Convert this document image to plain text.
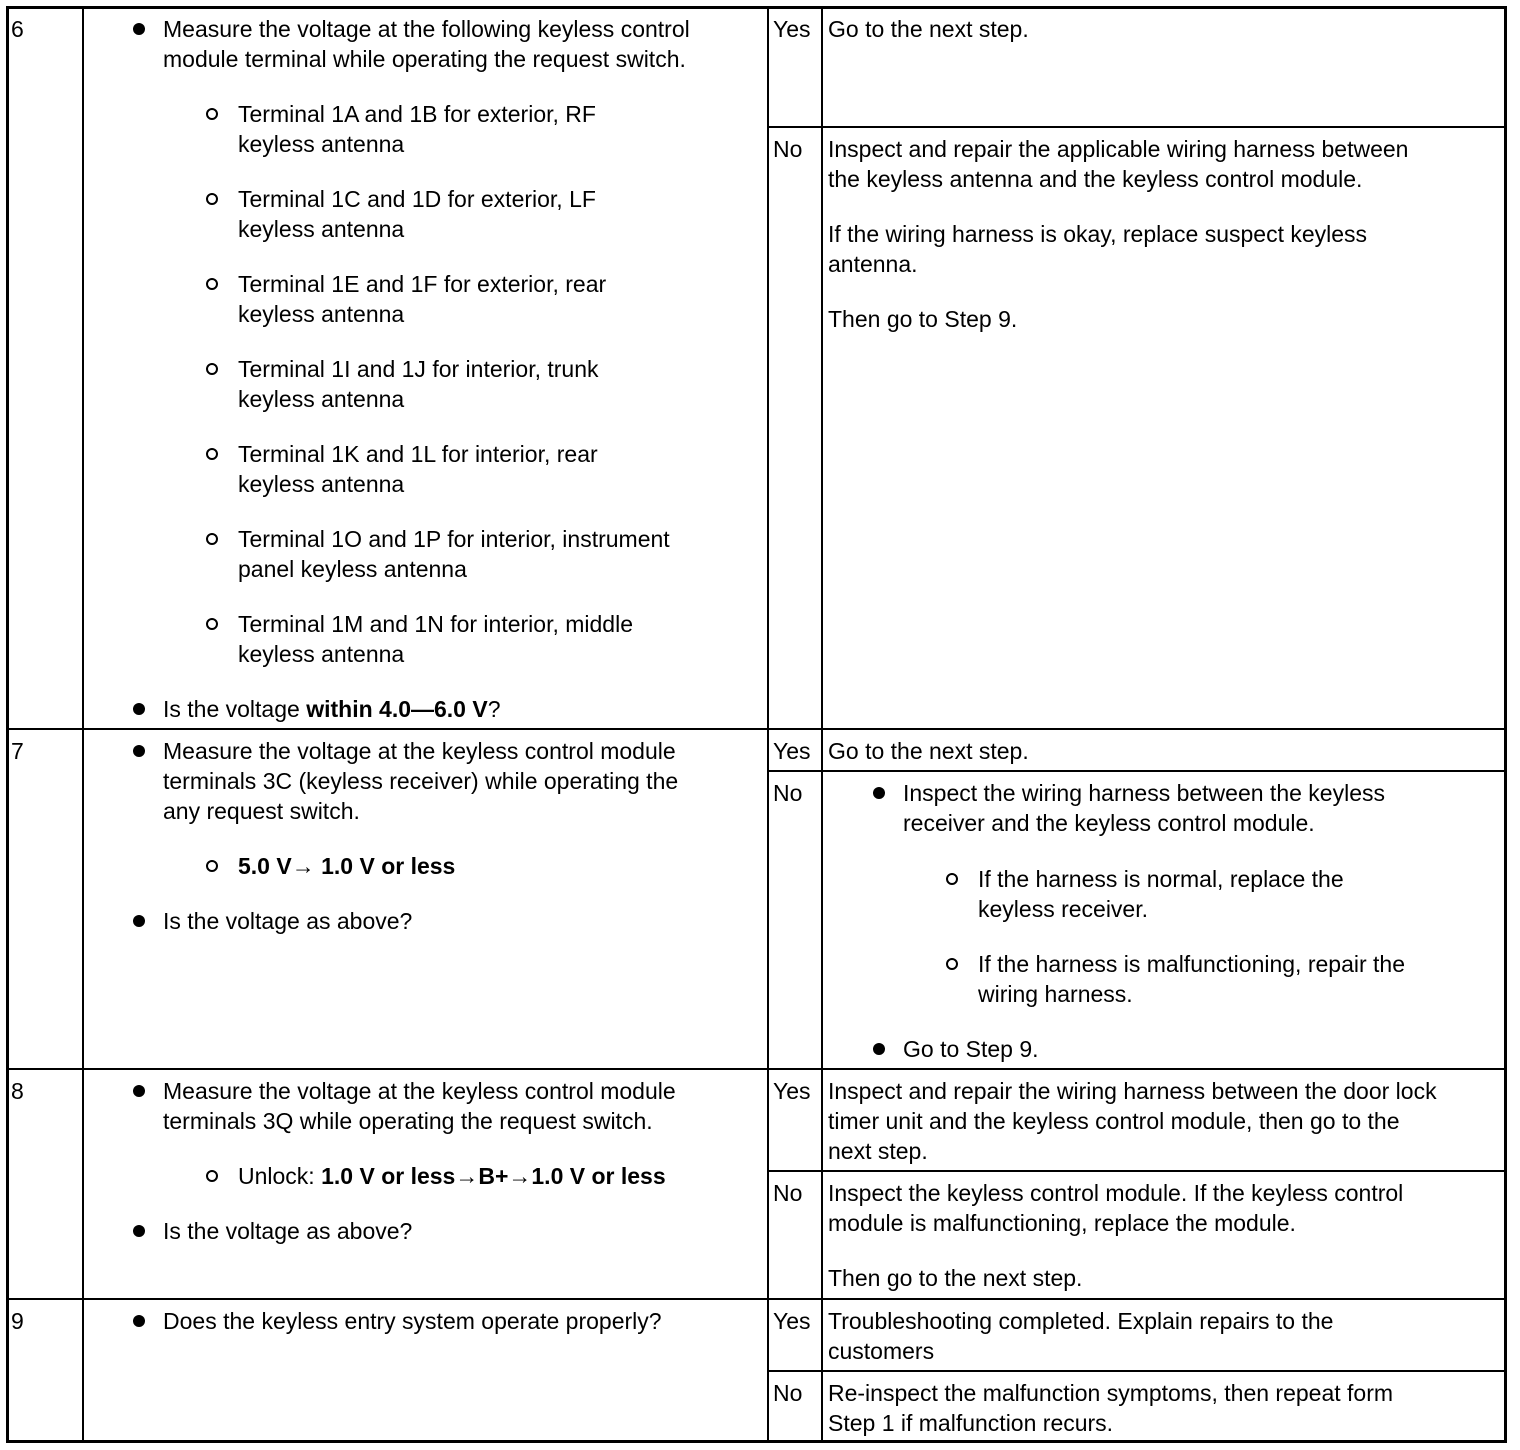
6	Measure the voltage at the following keyless control
module terminal while operating the request switch.
Terminal 1A and 1B for exterior, RF
keyless antenna
Terminal 1C and 1D for exterior, LF
keyless antenna
Terminal 1E and 1F for exterior, rear
keyless antenna
Terminal 1I and 1J for interior, trunk
keyless antenna
Terminal 1K and 1L for interior, rear
keyless antenna
Terminal 1O and 1P for interior, instrument
panel keyless antenna
Terminal 1M and 1N for interior, middle
keyless antenna
Is the voltage within 4.0—6.0 V?
Yes Go to the next step.
No Inspect and repair the applicable wiring harness between
the keyless antenna and the keyless control module.
If the wiring harness is okay, replace suspect keyless
antenna.
Then go to Step 9.
7	Measure the voltage at the keyless control module
terminals 3C (keyless receiver) while operating the
any request switch.
5.0 V→ 1.0 V or less
Is the voltage as above?
Yes Go to the next step.
No	Inspect the wiring harness between the keyless
receiver and the keyless control module.
If the harness is normal, replace the
keyless receiver.
If the harness is malfunctioning, repair the
wiring harness.
Go to Step 9.
8	Measure the voltage at the keyless control module
terminals 3Q while operating the request switch.
Unlock: 1.0 V or less→B+→1.0 V or less
Is the voltage as above?
Yes Inspect and repair the wiring harness between the door lock
timer unit and the keyless control module, then go to the
next step.
No Inspect the keyless control module. If the keyless control
module is malfunctioning, replace the module.
Then go to the next step.
9	Does the keyless entry system operate properly?	Yes Troubleshooting completed. Explain repairs to the
customers
No Re-inspect the malfunction symptoms, then repeat form
Step 1 if malfunction recurs.
